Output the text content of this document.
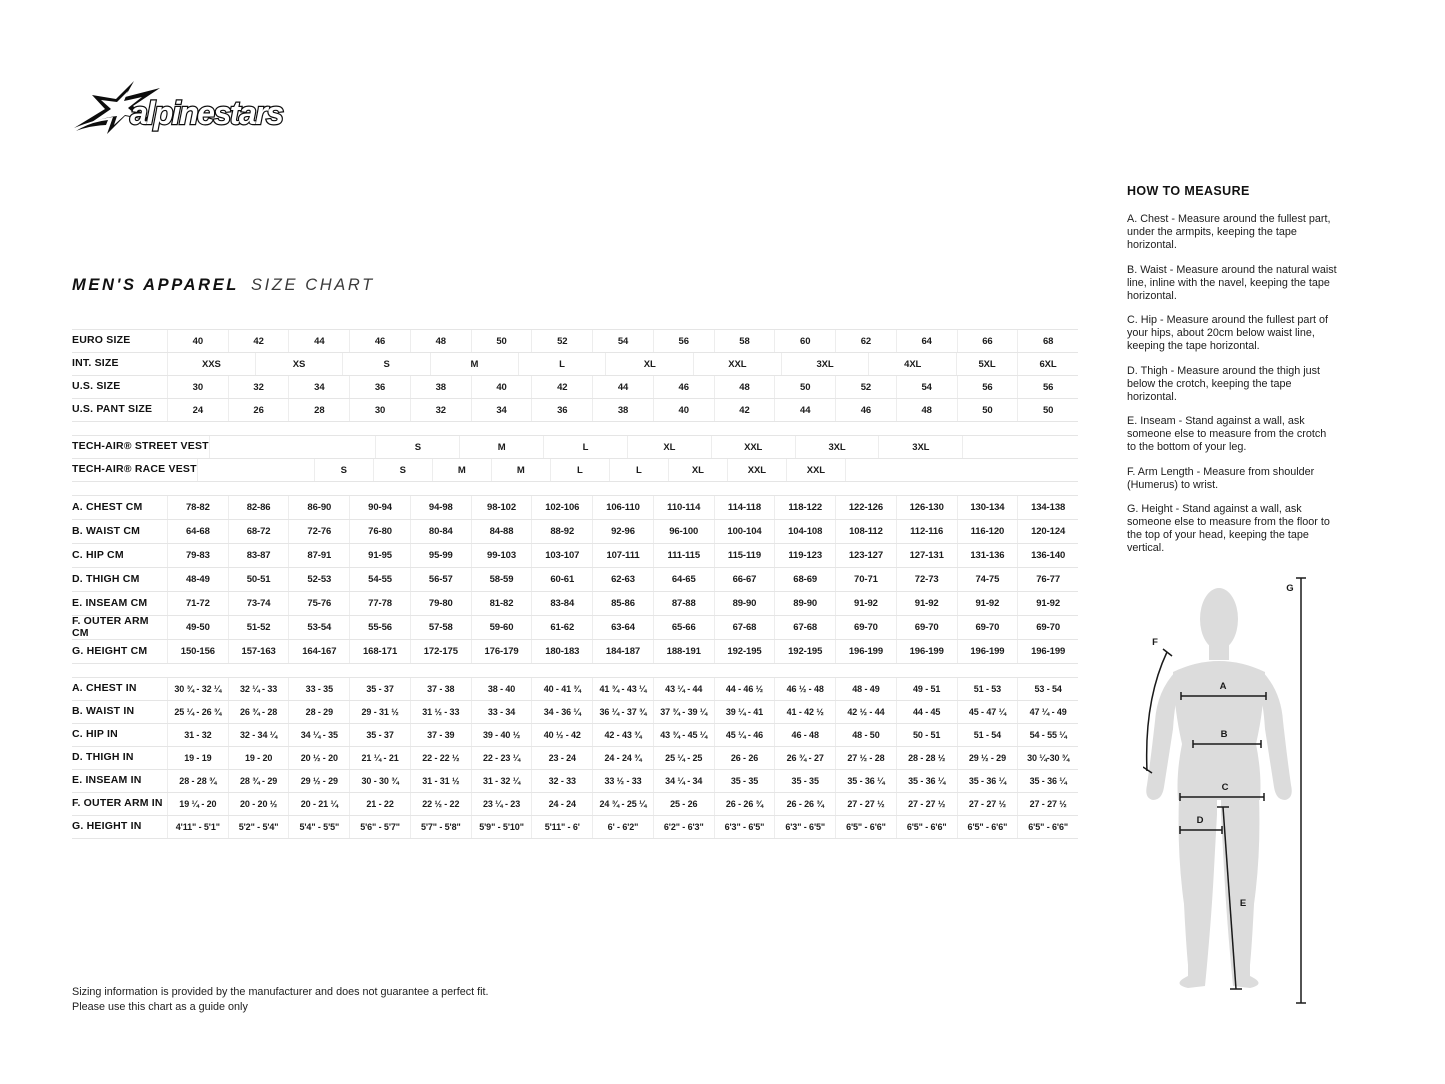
alpinestars
MEN'S APPAREL SIZE CHART
EURO SIZE	40	42	44	46	48	50	52	54	56	58	60	62	64	66	68
INT. SIZE	XXS	XS	S	M	L	XL	XXL	3XL	4XL	5XL	6XL
U.S. SIZE	30	32	34	36	38	40	42	44	46	48	50	52	54	56	56
U.S. PANT SIZE	24	26	28	30	32	34	36	38	40	42	44	46	48	50	50
TECH-AIR® STREET VEST	S	M	L	XL	XXL	3XL	3XL
TECH-AIR® RACE VEST	S	S	M	M	L	L	XL	XXL	XXL
A. CHEST CM	78-82	82-86	86-90	90-94	94-98	98-102	102-106	106-110	110-114	114-118	118-122	122-126	126-130	130-134	134-138
B. WAIST CM	64-68	68-72	72-76	76-80	80-84	84-88	88-92	92-96	96-100	100-104	104-108	108-112	112-116	116-120	120-124
C. HIP CM	79-83	83-87	87-91	91-95	95-99	99-103	103-107	107-111	111-115	115-119	119-123	123-127	127-131	131-136	136-140
D. THIGH CM	48-49	50-51	52-53	54-55	56-57	58-59	60-61	62-63	64-65	66-67	68-69	70-71	72-73	74-75	76-77
E. INSEAM CM	71-72	73-74	75-76	77-78	79-80	81-82	83-84	85-86	87-88	89-90	89-90	91-92	91-92	91-92	91-92
F. OUTER ARM CM	49-50	51-52	53-54	55-56	57-58	59-60	61-62	63-64	65-66	67-68	67-68	69-70	69-70	69-70	69-70
G. HEIGHT CM	150-156	157-163	164-167	168-171	172-175	176-179	180-183	184-187	188-191	192-195	192-195	196-199	196-199	196-199	196-199
A. CHEST IN	30 ¾ - 32 ¼	32 ¼ - 33	33 - 35	35 - 37	37 - 38	38 - 40	40 - 41 ¾	41 ¾ - 43 ¼	43 ¼ - 44	44 - 46 ½	46 ½ - 48	48 - 49	49 - 51	51 - 53	53 - 54
B. WAIST IN	25 ¼ - 26 ¾	26 ¾ - 28	28 - 29	29 - 31 ½	31 ½ - 33	33 - 34	34 - 36 ¼	36 ¼ - 37 ¾	37 ¾ - 39 ¼	39 ¼ - 41	41 - 42 ½	42 ½ - 44	44 - 45	45 - 47 ¼	47 ¼ - 49
C. HIP IN	31 - 32	32 - 34 ¼	34 ¼ - 35	35 - 37	37 - 39	39 - 40 ½	40 ½ - 42	42 - 43 ¾	43 ¾ - 45 ¼	45 ¼ - 46	46 - 48	48 - 50	50 - 51	51 - 54	54 - 55 ¼
D. THIGH IN	19 - 19	19 - 20	20 ½ - 20	21 ¼ - 21	22 - 22 ½	22 - 23 ¼	23 - 24	24 - 24 ¾	25 ¼ - 25	26 - 26	26 ¾ - 27	27 ½ - 28	28 - 28 ½	29 ½ - 29	30 ¼-30 ¾
E. INSEAM IN	28 - 28 ¾	28 ¾ - 29	29 ½ - 29	30 - 30 ¾	31 - 31 ½	31 - 32 ¼	32 - 33	33 ½ - 33	34 ¼ - 34	35 - 35	35 - 35	35 - 36 ¼	35 - 36 ¼	35 - 36 ¼	35 - 36 ¼
F. OUTER ARM IN	19 ¼ - 20	20 - 20 ½	20 - 21 ¼	21 - 22	22 ½ - 22	23 ¼ - 23	24 - 24	24 ¾ - 25 ¼	25 - 26	26 - 26 ¾	26 - 26 ¾	27 - 27 ½	27 - 27 ½	27 - 27 ½	27 - 27 ½
G. HEIGHT IN	4'11" - 5'1"	5'2" - 5'4"	5'4" - 5'5"	5'6" - 5'7"	5'7" - 5'8"	5'9" - 5'10"	5'11" - 6'	6' - 6'2"	6'2" - 6'3"	6'3" - 6'5"	6'3" - 6'5"	6'5" - 6'6"	6'5" - 6'6"	6'5" - 6'6"	6'5" - 6'6"
HOW TO MEASURE

A. Chest - Measure around the fullest part, under the armpits, keeping the tape horizontal.

B. Waist - Measure around the natural waist line, inline with the navel, keeping the tape horizontal.

C. Hip - Measure around the fullest part of your hips, about 20cm below waist line, keeping the tape horizontal.

D. Thigh - Measure around the thigh just below the crotch, keeping the tape horizontal.

E. Inseam - Stand against a wall, ask someone else to measure from the crotch to the bottom of your leg.

F. Arm Length - Measure from shoulder (Humerus) to wrist.

G. Height - Stand against a wall, ask someone else to measure from the floor to the top of your head, keeping the tape vertical.

A
B
C
D
E
F
G

Sizing information is provided by the manufacturer and does not guarantee a perfect fit.

Please use this chart as a guide only
